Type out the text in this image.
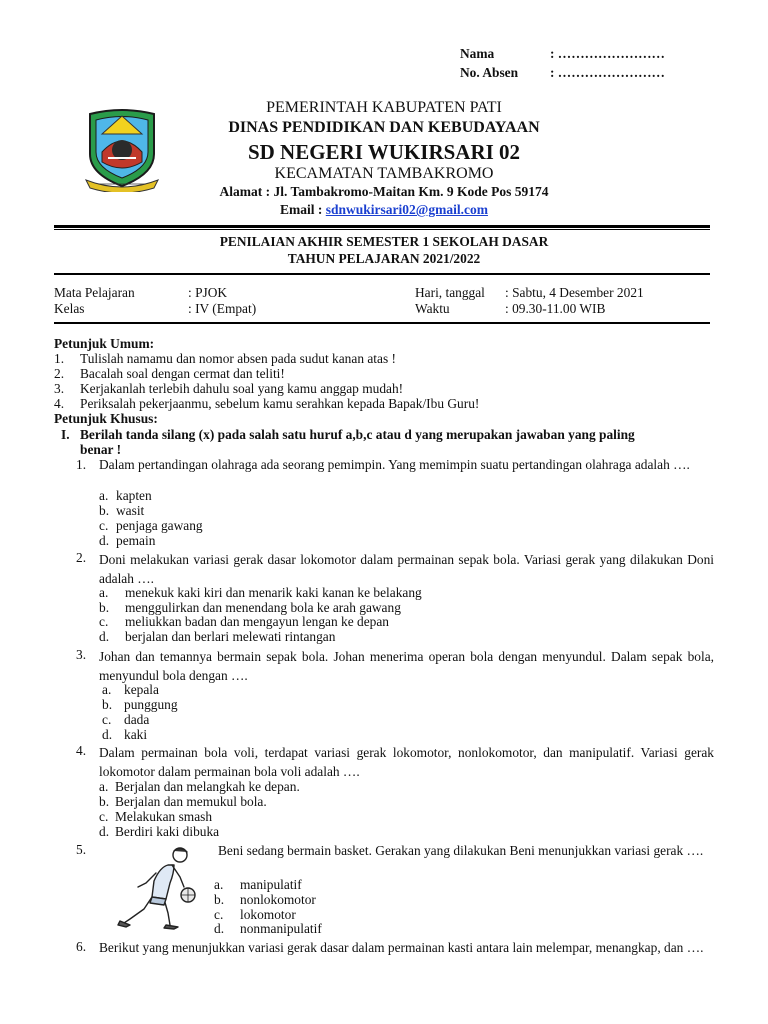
Nama	: ……………………
No. Absen : ……………………
PEMERINTAH KABUPATEN PATI
DINAS PENDIDIKAN DAN KEBUDAYAAN
SD NEGERI WUKIRSARI 02
KECAMATAN TAMBAKROMO
Alamat : Jl. Tambakromo-Maitan Km. 9 Kode Pos 59174
Email : sdnwukirsari02@gmail.com
PENILAIAN AKHIR SEMESTER 1 SEKOLAH DASAR
TAHUN PELAJARAN 2021/2022
Mata Pelajaran	: PJOK	Hari, tanggal : Sabtu, 4 Desember 2021
Kelas	: IV (Empat)	Waktu	: 09.30-11.00 WIB
Petunjuk Umum:
1. Tulislah namamu dan nomor absen pada sudut kanan atas !
2. Bacalah soal dengan cermat dan teliti!
3. Kerjakanlah terlebih dahulu soal yang kamu anggap mudah!
4. Periksalah pekerjaanmu, sebelum kamu serahkan kepada Bapak/Ibu Guru!
Petunjuk Khusus:
I. Berilah tanda silang (x) pada salah satu huruf a,b,c atau d yang merupakan jawaban yang paling
benar !
1. Dalam pertandingan olahraga ada seorang pemimpin. Yang memimpin suatu pertandingan olahraga adalah ….
a. kapten
b. wasit
c. penjaga gawang
d. pemain
2. Doni melakukan variasi gerak dasar lokomotor dalam permainan sepak bola. Variasi gerak yang dilakukan Doni adalah ….
a. menekuk kaki kiri dan menarik kaki kanan ke belakang
b. menggulirkan dan menendang bola ke arah gawang
c. meliukkan badan dan mengayun lengan ke depan
d. berjalan dan berlari melewati rintangan
3. Johan dan temannya bermain sepak bola. Johan menerima operan bola dengan menyundul. Dalam sepak bola, menyundul bola dengan ….
a. kepala
b. punggung
c. dada
d. kaki
4. Dalam permainan bola voli, terdapat variasi gerak lokomotor, nonlokomotor, dan manipulatif. Variasi gerak lokomotor dalam permainan bola voli adalah ….
a. Berjalan dan melangkah ke depan.
b. Berjalan dan memukul bola.
c. Melakukan smash
d. Berdiri kaki dibuka
5.	Beni sedang bermain basket. Gerakan yang dilakukan Beni menunjukkan variasi gerak ….
a. manipulatif
b. nonlokomotor
c. lokomotor
d. nonmanipulatif
6. Berikut yang menunjukkan variasi gerak dasar dalam permainan kasti antara lain melempar, menangkap, dan ….
